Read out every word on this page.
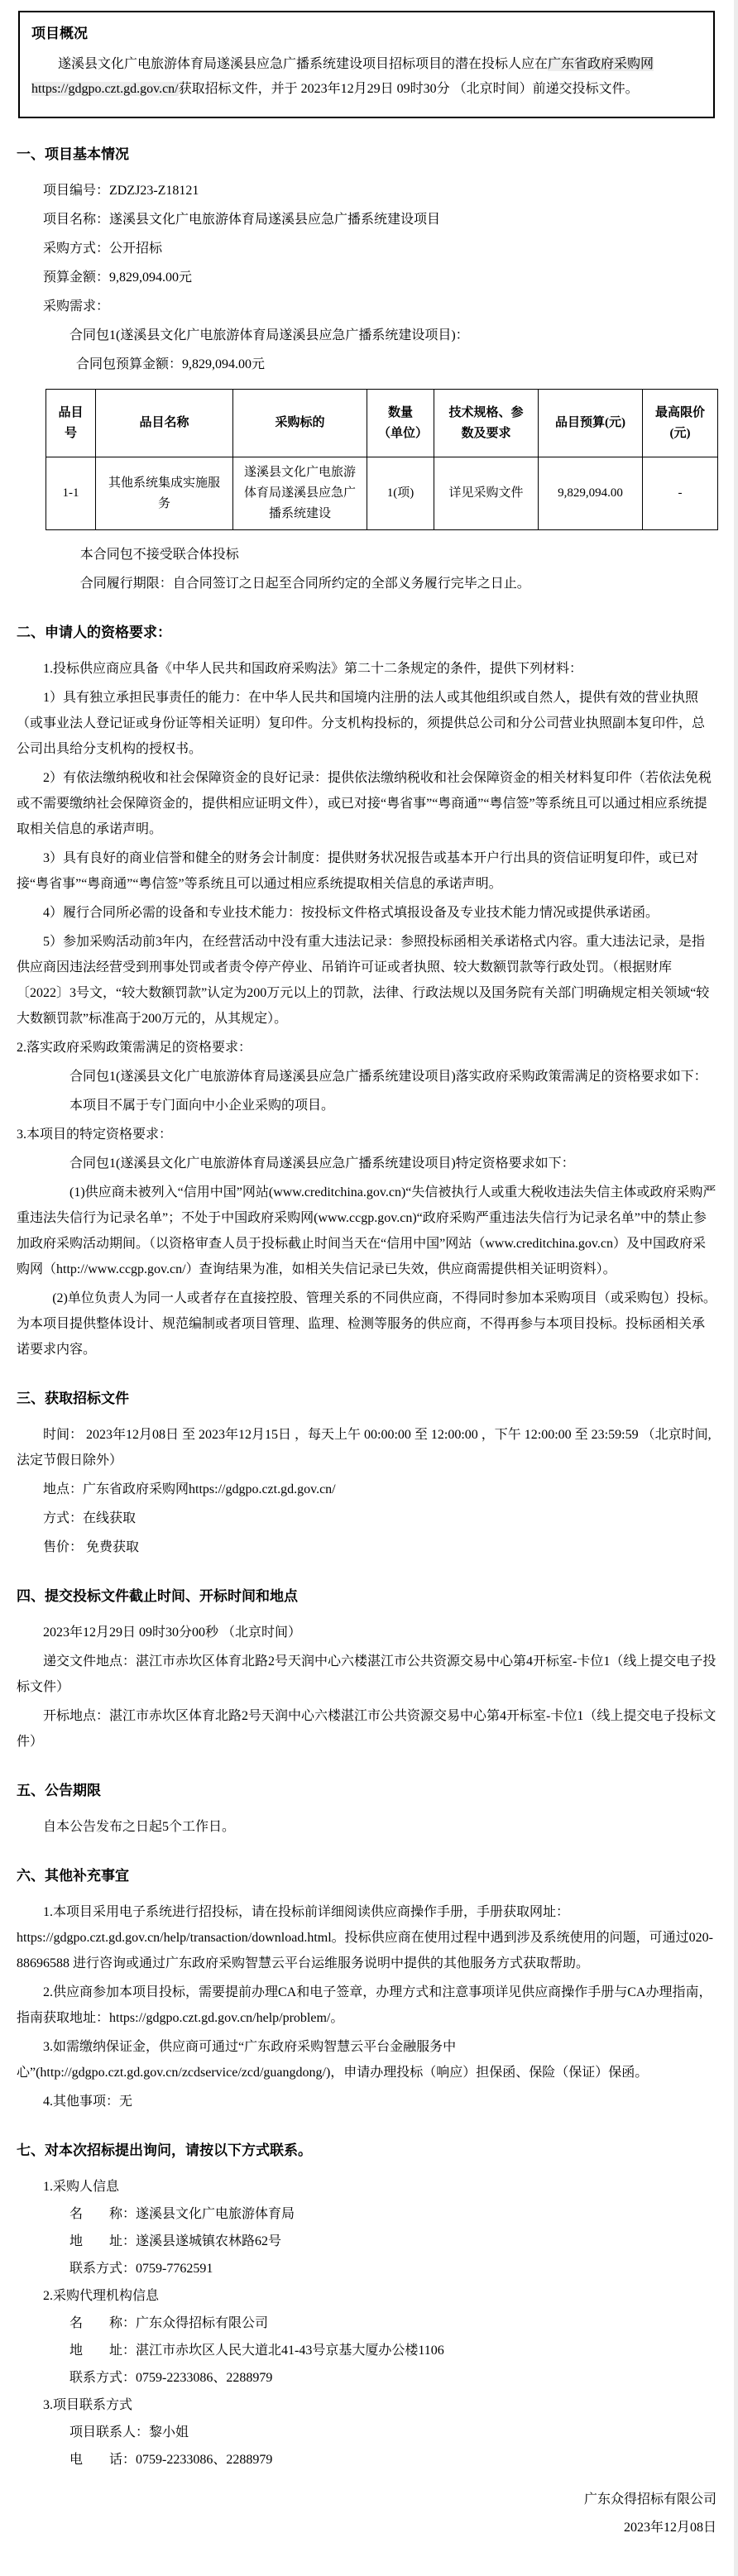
项目概况

遂溪县文化广电旅游体育局遂溪县应急广播系统建设项目招标项目的潜在投标人应在广东省政府采购网https://gdgpo.czt.gd.gov.cn/获取招标文件，并于 2023年12月29日 09时30分 （北京时间）前递交投标文件。

一、项目基本情况

项目编号：ZDZJ23-Z18121

项目名称：遂溪县文化广电旅游体育局遂溪县应急广播系统建设项目

采购方式：公开招标

预算金额：9,829,094.00元

采购需求：

合同包1(遂溪县文化广电旅游体育局遂溪县应急广播系统建设项目)：

合同包预算金额：9,829,094.00元

品目号	品目名称	采购标的	数量（单位）	技术规格、参数及要求	品目预算(元)	最高限价(元)
1-1	其他系统集成实施服务	遂溪县文化广电旅游体育局遂溪县应急广播系统建设	1(项)	详见采购文件	9,829,094.00	-

本合同包不接受联合体投标

合同履行期限：自合同签订之日起至合同所约定的全部义务履行完毕之日止。

二、申请人的资格要求：

1.投标供应商应具备《中华人民共和国政府采购法》第二十二条规定的条件，提供下列材料：

1）具有独立承担民事责任的能力：在中华人民共和国境内注册的法人或其他组织或自然人，提供有效的营业执照（或事业法人登记证或身份证等相关证明）复印件。分支机构投标的，须提供总公司和分公司营业执照副本复印件，总公司出具给分支机构的授权书。

2）有依法缴纳税收和社会保障资金的良好记录：提供依法缴纳税收和社会保障资金的相关材料复印件（若依法免税或不需要缴纳社会保障资金的，提供相应证明文件），或已对接“粤省事”“粤商通”“粤信签”等系统且可以通过相应系统提取相关信息的承诺声明。

3）具有良好的商业信誉和健全的财务会计制度：提供财务状况报告或基本开户行出具的资信证明复印件，或已对接“粤省事”“粤商通”“粤信签”等系统且可以通过相应系统提取相关信息的承诺声明。

4）履行合同所必需的设备和专业技术能力：按投标文件格式填报设备及专业技术能力情况或提供承诺函。

5）参加采购活动前3年内，在经营活动中没有重大违法记录：参照投标函相关承诺格式内容。重大违法记录，是指供应商因违法经营受到刑事处罚或者责令停产停业、吊销许可证或者执照、较大数额罚款等行政处罚。（根据财库〔2022〕3号文，“较大数额罚款”认定为200万元以上的罚款，法律、行政法规以及国务院有关部门明确规定相关领域“较大数额罚款”标准高于200万元的，从其规定）。

2.落实政府采购政策需满足的资格要求：

合同包1(遂溪县文化广电旅游体育局遂溪县应急广播系统建设项目)落实政府采购政策需满足的资格要求如下：

本项目不属于专门面向中小企业采购的项目。

3.本项目的特定资格要求：

合同包1(遂溪县文化广电旅游体育局遂溪县应急广播系统建设项目)特定资格要求如下：

(1)供应商未被列入“信用中国”网站(www.creditchina.gov.cn)“失信被执行人或重大税收违法失信主体或政府采购严重违法失信行为记录名单”；不处于中国政府采购网(www.ccgp.gov.cn)“政府采购严重违法失信行为记录名单”中的禁止参加政府采购活动期间。（以资格审查人员于投标截止时间当天在“信用中国”网站（www.creditchina.gov.cn）及中国政府采购网（http://www.ccgp.gov.cn/）查询结果为准，如相关失信记录已失效，供应商需提供相关证明资料）。

(2)单位负责人为同一人或者存在直接控股、管理关系的不同供应商，不得同时参加本采购项目（或采购包）投标。为本项目提供整体设计、规范编制或者项目管理、监理、检测等服务的供应商，不得再参与本项目投标。投标函相关承诺要求内容。

三、获取招标文件

时间： 2023年12月08日 至 2023年12月15日 ，每天上午 00:00:00 至 12:00:00 ，下午 12:00:00 至 23:59:59 （北京时间,法定节假日除外）

地点：广东省政府采购网https://gdgpo.czt.gd.gov.cn/

方式：在线获取

售价： 免费获取

四、提交投标文件截止时间、开标时间和地点

2023年12月29日 09时30分00秒 （北京时间）

递交文件地点：湛江市赤坎区体育北路2号天润中心六楼湛江市公共资源交易中心第4开标室-卡位1（线上提交电子投标文件）

开标地点：湛江市赤坎区体育北路2号天润中心六楼湛江市公共资源交易中心第4开标室-卡位1（线上提交电子投标文件）

五、公告期限

自本公告发布之日起5个工作日。

六、其他补充事宜

1.本项目采用电子系统进行招投标，请在投标前详细阅读供应商操作手册，手册获取网址：https://gdgpo.czt.gd.gov.cn/help/transaction/download.html。投标供应商在使用过程中遇到涉及系统使用的问题，可通过020-88696588 进行咨询或通过广东政府采购智慧云平台运维服务说明中提供的其他服务方式获取帮助。

2.供应商参加本项目投标，需要提前办理CA和电子签章，办理方式和注意事项详见供应商操作手册与CA办理指南，指南获取地址：https://gdgpo.czt.gd.gov.cn/help/problem/。

3.如需缴纳保证金，供应商可通过“广东政府采购智慧云平台金融服务中心”(http://gdgpo.czt.gd.gov.cn/zcdservice/zcd/guangdong/)，申请办理投标（响应）担保函、保险（保证）保函。

4.其他事项：无

七、对本次招标提出询问，请按以下方式联系。

1.采购人信息

名　　称：遂溪县文化广电旅游体育局

地　　址：遂溪县遂城镇农林路62号

联系方式：0759-7762591

2.采购代理机构信息

名　　称：广东众得招标有限公司

地　　址：湛江市赤坎区人民大道北41-43号京基大厦办公楼1106

联系方式：0759-2233086、2288979

3.项目联系方式

项目联系人：黎小姐

电　　话：0759-2233086、2288979

广东众得招标有限公司

2023年12月08日
